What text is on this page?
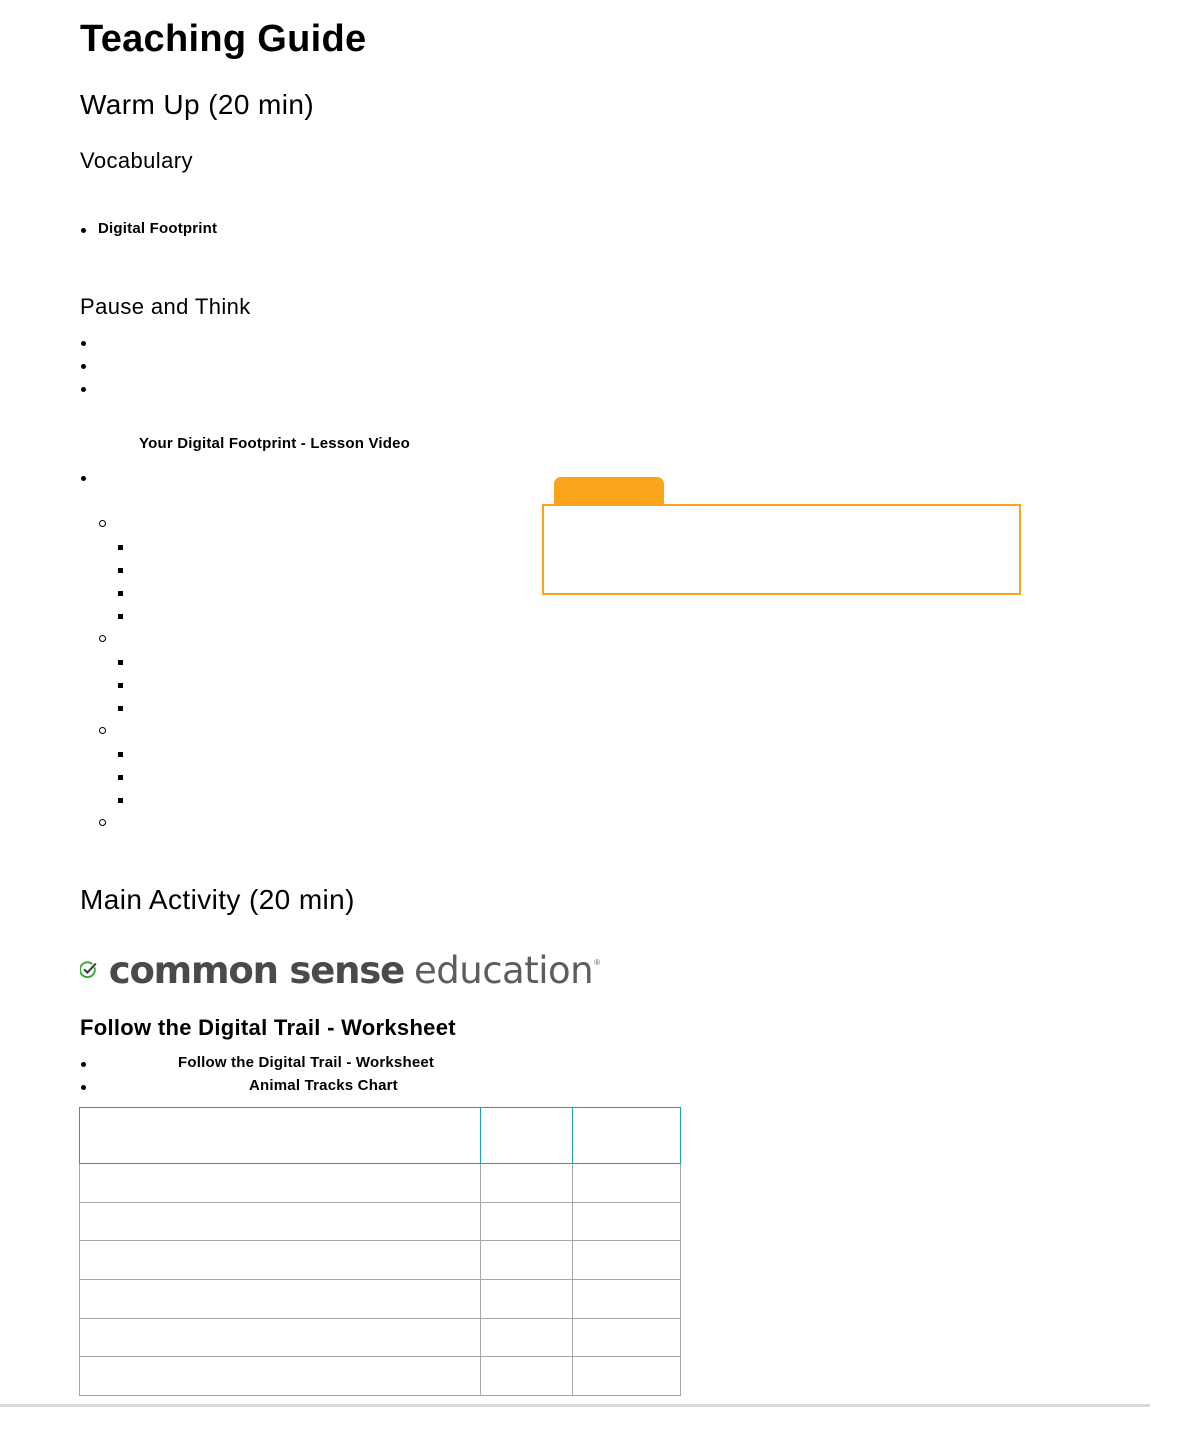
Teaching Guide
Warm Up (20 min)
Vocabulary
Digital Footprint
Pause and Think
Your Digital Footprint - Lesson Video
Main Activity (20 min)
common sense education ®
Follow the Digital Trail - Worksheet
Follow the Digital Trail - Worksheet
Animal Tracks Chart
